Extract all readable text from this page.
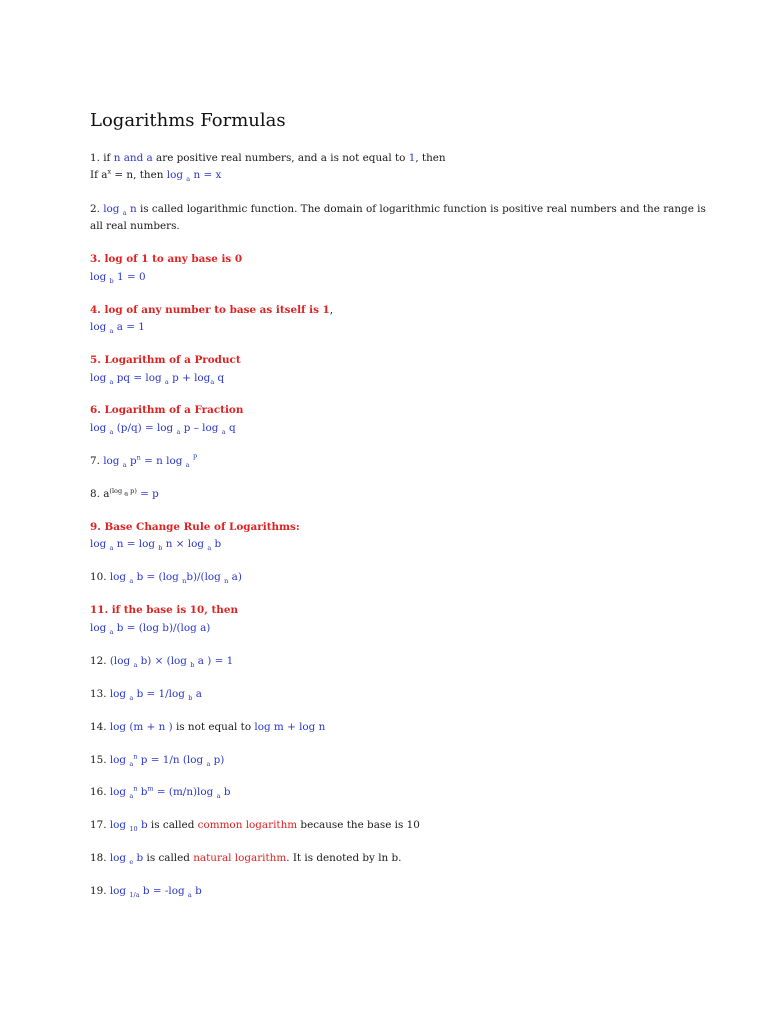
Logarithms Formulas
1. if n and a are positive real numbers, and a is not equal to 1, then
If $a^x = n$, then log $_a$ n = x
2. log $_a$ n is called logarithmic function. The domain of logarithmic function is positive real numbers and the range is
all real numbers.
3. log of 1 to any base is 0
log $_b$ 1 = 0
4. log of any number to base as itself is 1,
log $_a$ a = 1
5. Logarithm of a Product
log $_a$ pq = log $_a$ $p + \log_a q$
6. Logarithm of a Fraction
log $_a$ (p/q) = log $_a$ p – log $_a$ q
7. log $_a$ $p^n = n$ log $_a$ $^P$
8. $a^{(log _a p)} = p$
9. Base Change Rule of Logarithms:
log $_a$ n = log $_b$ n × log $_a$ b
10. log $_a$ b = (log $_n$b)/(log $_n$ a)
11. if the base is 10, then
log $_a$ b = (log b)/(log a)
12. (log $_a$ b) × (log $_b$ a ) = 1
13. log $_a$ b = 1/log $_b$ a
14. log (m + n ) is not equal to log m + log n
15. log $_a^n$ p = 1/n (log $_a$ p)
16. log $_a^n$ $b^m = (m/n)\log$ $_a$ b
17. log $_{10}$ b is called common logarithm because the base is 10
18. log $_e$ b is called natural logarithm. It is denoted by ln b.
19. log $_{1/a}$ b = -log $_a$ b
